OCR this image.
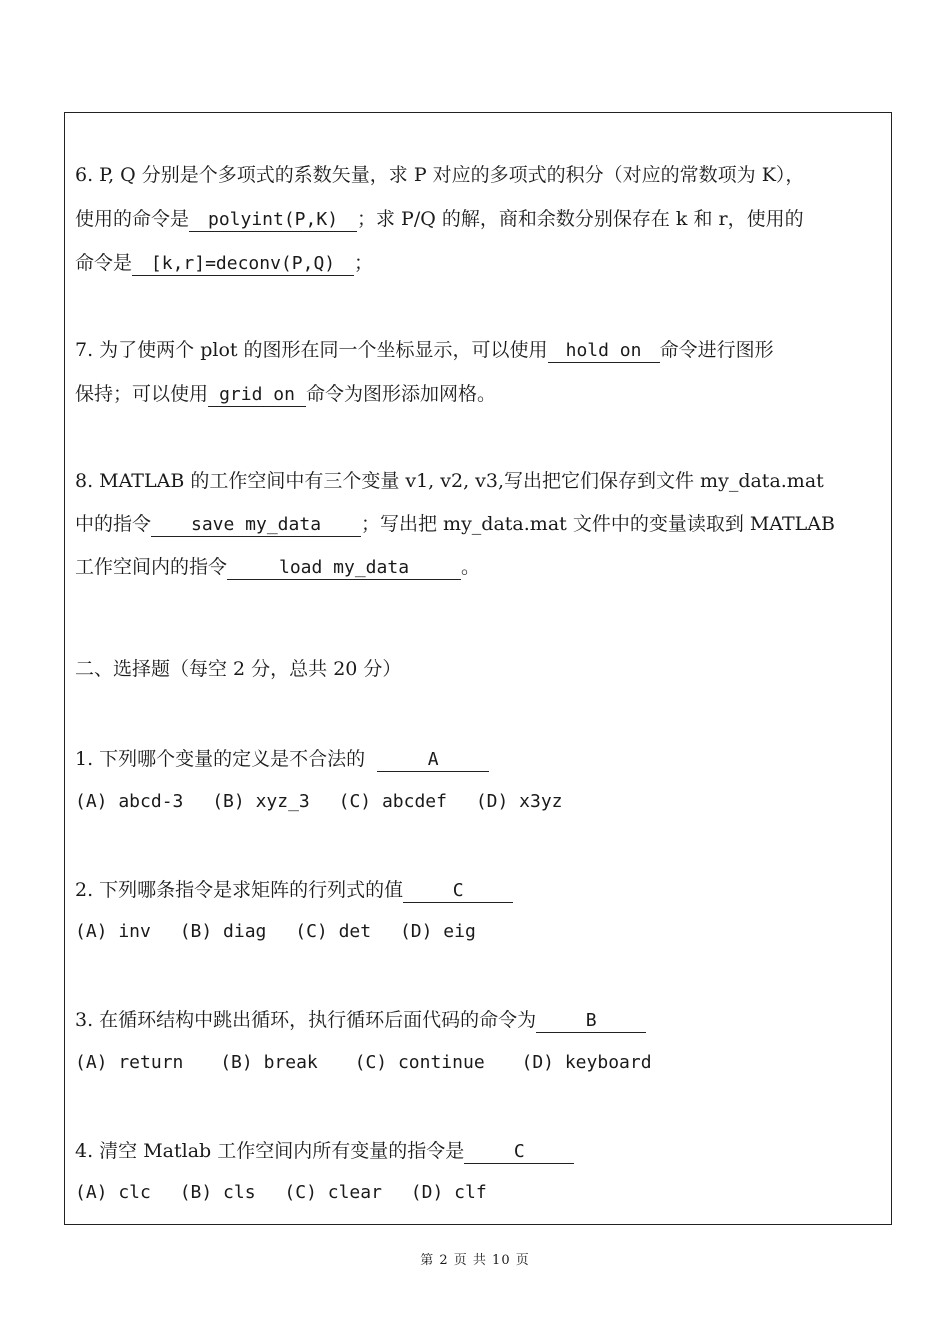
6. P, Q 分别是个多项式的系数矢量，求 P 对应的多项式的积分（对应的常数项为 K），
使用的命令是 polyint(P,K) ；求 P/Q 的解，商和余数分别保存在 k 和 r，使用的
命令是 [k,r]=deconv(P,Q) ；
7. 为了使两个 plot 的图形在同一个坐标显示，可以使用 hold on 命令进行图形
保持；可以使用 grid on 命令为图形添加网格。
8. MATLAB 的工作空间中有三个变量 v1, v2, v3,写出把它们保存到文件 my_data.mat
中的指令 save my_data ；写出把 my_data.mat 文件中的变量读取到 MATLAB
工作空间内的指令	load my_data	。
二、选择题（每空 2 分，总共 20 分）
1. 下列哪个变量的定义是不合法的	A
(A) abcd-3 (B) xyz_3 (C) abcdef (D) x3yz
2. 下列哪条指令是求矩阵的行列式的值	C
(A) inv (B) diag (C) det (D) eig
3. 在循环结构中跳出循环，执行循环后面代码的命令为	B
(A) return (B) break (C) continue (D) keyboard
4. 清空 Matlab 工作空间内所有变量的指令是	C
(A) clc (B) cls (C) clear (D) clf
第 2 页 共 10 页
